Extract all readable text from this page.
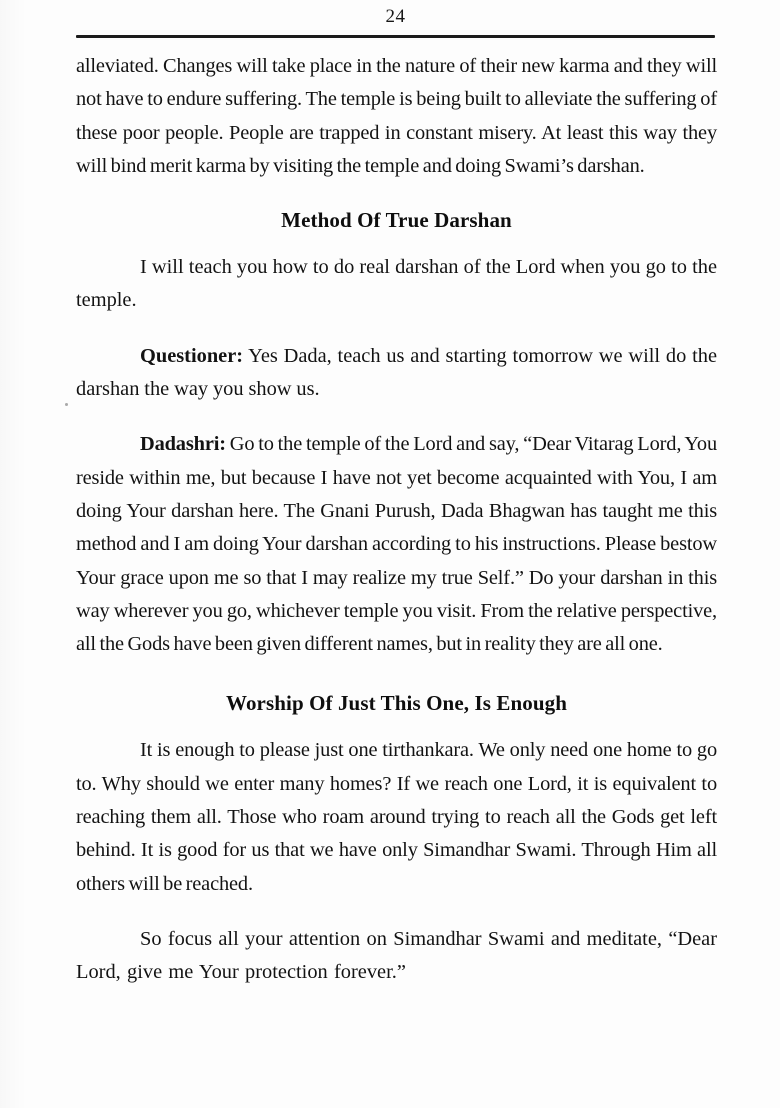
24

alleviated. Changes will take place in the nature of their new karma and they will not have to endure suffering. The temple is being built to alleviate the suffering of these poor people. People are trapped in constant misery. At least this way they will bind merit karma by visiting the temple and doing Swami’s darshan.

Method Of True Darshan

I will teach you how to do real darshan of the Lord when you go to the temple.

Questioner: Yes Dada, teach us and starting tomorrow we will do the darshan the way you show us.

Dadashri: Go to the temple of the Lord and say, “Dear Vitarag Lord, You reside within me, but because I have not yet become acquainted with You, I am doing Your darshan here. The Gnani Purush, Dada Bhagwan has taught me this method and I am doing Your darshan according to his instructions. Please bestow Your grace upon me so that I may realize my true Self.” Do your darshan in this way wherever you go, whichever temple you visit. From the relative perspective, all the Gods have been given different names, but in reality they are all one.

Worship Of Just This One, Is Enough

It is enough to please just one tirthankara. We only need one home to go to. Why should we enter many homes? If we reach one Lord, it is equivalent to reaching them all. Those who roam around trying to reach all the Gods get left behind. It is good for us that we have only Simandhar Swami. Through Him all others will be reached.

So focus all your attention on Simandhar Swami and meditate, “Dear Lord, give me Your protection forever.”
